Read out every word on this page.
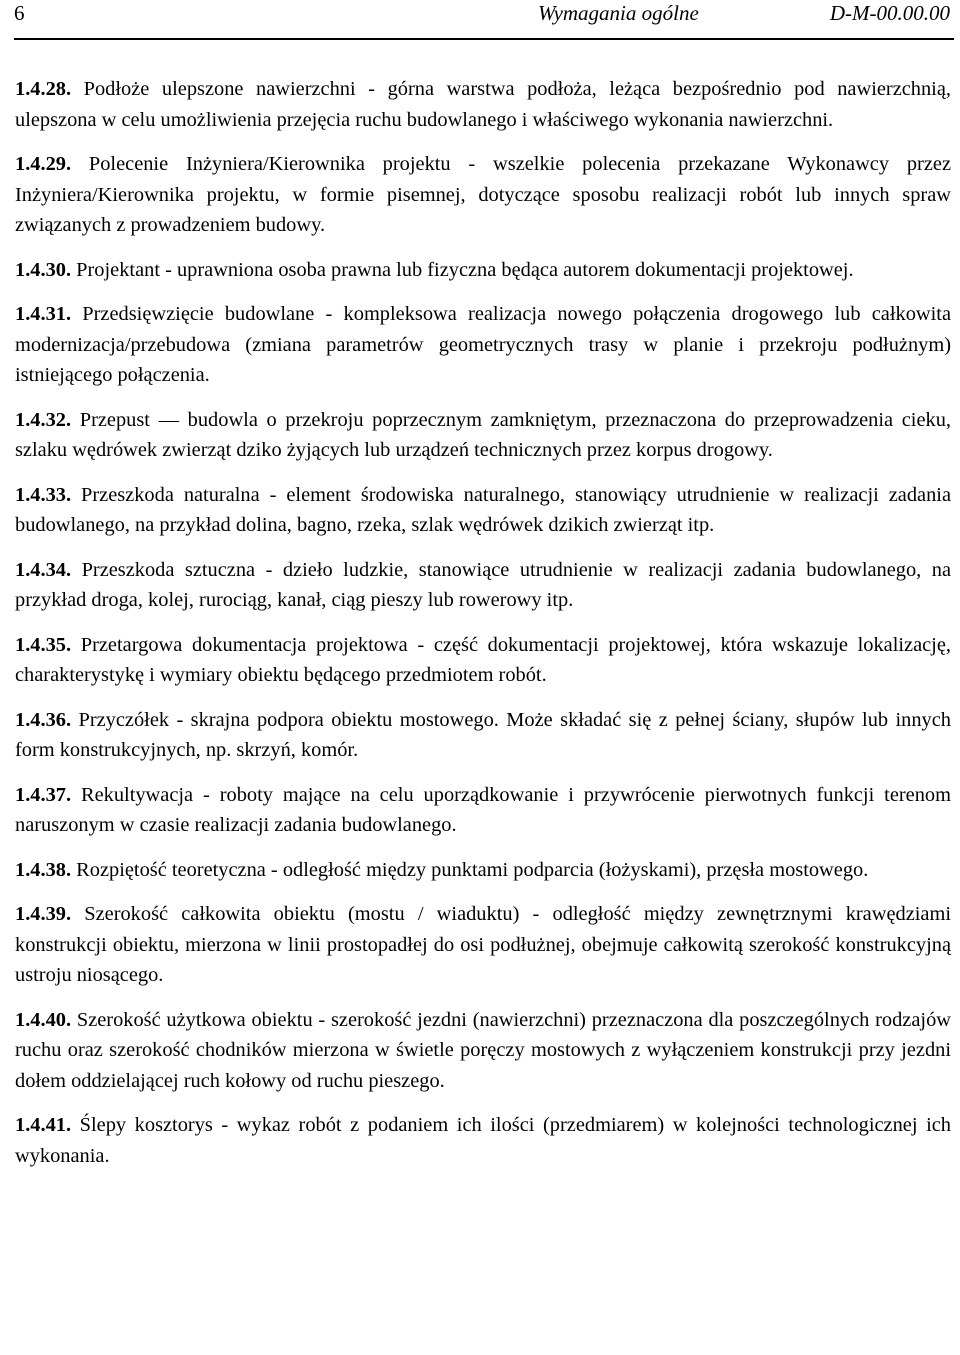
6	Wymagania ogólne	D-M-00.00.00

1.4.28. Podłoże ulepszone nawierzchni - górna warstwa podłoża, leżąca bezpośrednio pod nawierzchnią, ulepszona w celu umożliwienia przejęcia ruchu budowlanego i właściwego wykonania nawierzchni.

1.4.29. Polecenie Inżyniera/Kierownika projektu - wszelkie polecenia przekazane Wykonawcy przez Inżyniera/Kierownika projektu, w formie pisemnej, dotyczące sposobu realizacji robót lub innych spraw związanych z prowadzeniem budowy.

1.4.30. Projektant - uprawniona osoba prawna lub fizyczna będąca autorem dokumentacji projektowej.

1.4.31. Przedsięwzięcie budowlane - kompleksowa realizacja nowego połączenia drogowego lub całkowita modernizacja/przebudowa (zmiana parametrów geometrycznych trasy w planie i przekroju podłużnym) istniejącego połączenia.

1.4.32. Przepust — budowla o przekroju poprzecznym zamkniętym, przeznaczona do przeprowadzenia cieku, szlaku wędrówek zwierząt dziko żyjących lub urządzeń technicznych przez korpus drogowy.

1.4.33. Przeszkoda naturalna - element środowiska naturalnego, stanowiący utrudnienie w realizacji zadania budowlanego, na przykład dolina, bagno, rzeka, szlak wędrówek dzikich zwierząt itp.

1.4.34. Przeszkoda sztuczna - dzieło ludzkie, stanowiące utrudnienie w realizacji zadania budowlanego, na przykład droga, kolej, rurociąg, kanał, ciąg pieszy lub rowerowy itp.

1.4.35. Przetargowa dokumentacja projektowa - część dokumentacji projektowej, która wskazuje lokalizację, charakterystykę i wymiary obiektu będącego przedmiotem robót.

1.4.36. Przyczółek - skrajna podpora obiektu mostowego. Może składać się z pełnej ściany, słupów lub innych form konstrukcyjnych, np. skrzyń, komór.

1.4.37. Rekultywacja - roboty mające na celu uporządkowanie i przywrócenie pierwotnych funkcji terenom naruszonym w czasie realizacji zadania budowlanego.

1.4.38. Rozpiętość teoretyczna - odległość między punktami podparcia (łożyskami), przęsła mostowego.

1.4.39. Szerokość całkowita obiektu (mostu / wiaduktu) - odległość między zewnętrznymi krawędziami konstrukcji obiektu, mierzona w linii prostopadłej do osi podłużnej, obejmuje całkowitą szerokość konstrukcyjną ustroju niosącego.

1.4.40. Szerokość użytkowa obiektu - szerokość jezdni (nawierzchni) przeznaczona dla poszczególnych rodzajów ruchu oraz szerokość chodników mierzona w świetle poręczy mostowych z wyłączeniem konstrukcji przy jezdni dołem oddzielającej ruch kołowy od ruchu pieszego.

1.4.41. Ślepy kosztorys - wykaz robót z podaniem ich ilości (przedmiarem) w kolejności technologicznej ich wykonania.
